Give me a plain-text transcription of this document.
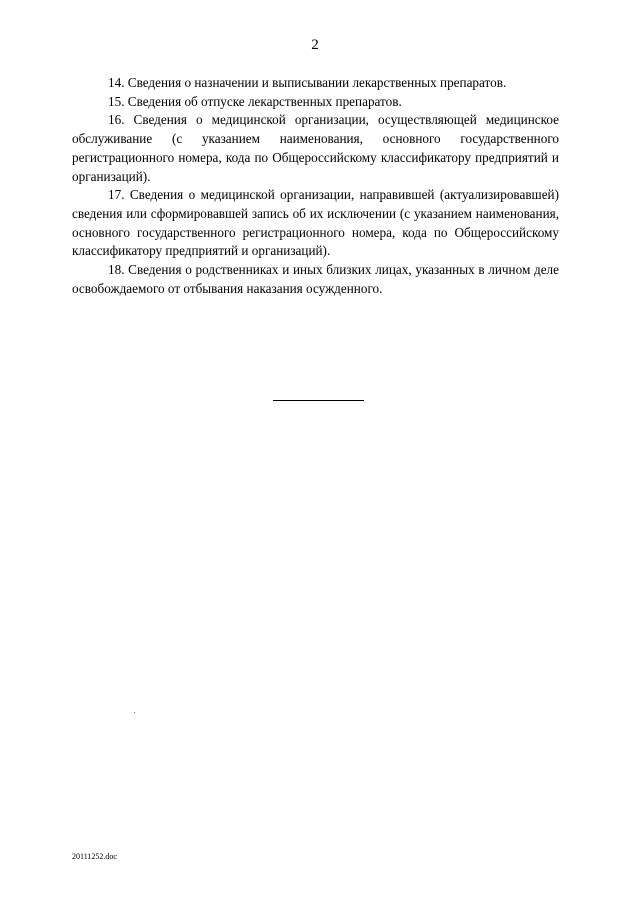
2

14. Сведения о назначении и выписывании лекарственных препаратов.

15. Сведения об отпуске лекарственных препаратов.

16. Сведения о медицинской организации, осуществляющей медицинское обслуживание (с указанием наименования, основного государственного регистрационного номера, кода по Общероссийскому классификатору предприятий и организаций).

17. Сведения о медицинской организации, направившей (актуализировавшей) сведения или сформировавшей запись об их исключении (с указанием наименования, основного государственного регистрационного номера, кода по Общероссийскому классификатору предприятий и организаций).

18. Сведения о родственниках и иных близких лицах, указанных в личном деле освобождаемого от отбывания наказания осужденного.

20111252.doc
